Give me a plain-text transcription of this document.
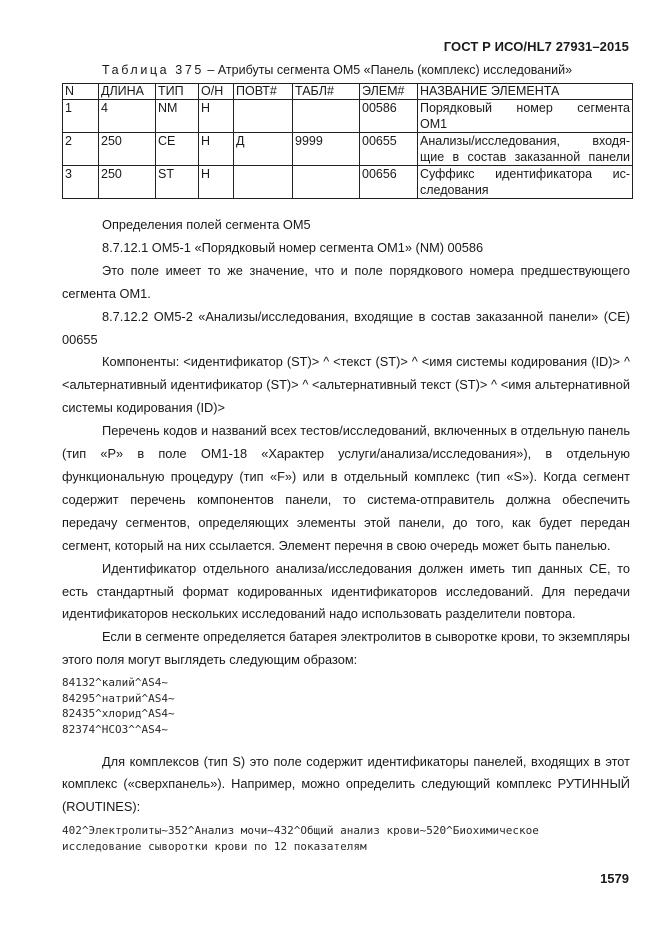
ГОСТ Р ИСО/HL7 27931–2015
Таблица 375 – Атрибуты сегмента ОМ5 «Панель (комплекс) исследований»
N	ДЛИНА	ТИП	О/Н	ПОВТ#	ТАБЛ#	ЭЛЕМ#	НАЗВАНИЕ ЭЛЕМЕНТА
1	4	NM	Н			00586	Порядковый номер сегмента
ОМ1

2	250	CE	Н	Д	9999	00655	Анализы/исследования, входя-
щие в состав заказанной панели

3	250	ST	Н			00656	Суффикс идентификатора ис-
следования

Определения полей сегмента ОМ5

8.7.12.1 ОМ5-1 «Порядковый номер сегмента ОМ1» (NM) 00586

Это поле имеет то же значение, что и поле порядкового номера предшествующего сегмента ОМ1.

8.7.12.2 ОМ5-2 «Анализы/исследования, входящие в состав заказанной панели» (CE) 00655

Компоненты: <идентификатор (ST)> ^ <текст (ST)> ^ <имя системы кодирования (ID)> ^ <альтернативный идентификатор (ST)> ^ <альтернативный текст (ST)> ^ <имя альтернативной системы кодирования (ID)>

Перечень кодов и названий всех тестов/исследований, включенных в отдельную панель (тип «P» в поле ОМ1-18 «Характер услуги/анализа/исследования»), в отдельную функциональную процедуру (тип «F») или в отдельный комплекс (тип «S»). Когда сегмент содержит перечень компонентов панели, то система-отправитель должна обеспечить передачу сегментов, определяющих элементы этой панели, до того, как будет передан сегмент, который на них ссылается. Элемент перечня в свою очередь может быть панелью.

Идентификатор отдельного анализа/исследования должен иметь тип данных CE, то есть стандартный формат кодированных идентификаторов исследований. Для передачи идентификаторов нескольких исследований надо использовать разделители повтора.

Если в сегменте определяется батарея электролитов в сыворотке крови, то экземпляры этого поля могут выглядеть следующим образом:

84132^калий^AS4~

84295^натрий^AS4~

82435^хлорид^AS4~

82374^HCO3^^AS4~

Для комплексов (тип S) это поле содержит идентификаторы панелей, входящих в этот комплекс («сверхпанель»). Например, можно определить следующий комплекс РУТИННЫЙ (ROUTINES):

402^Электролиты~352^Анализ мочи~432^Общий анализ крови~520^Биохимическое

исследование сыворотки крови по 12 показателям

1579
